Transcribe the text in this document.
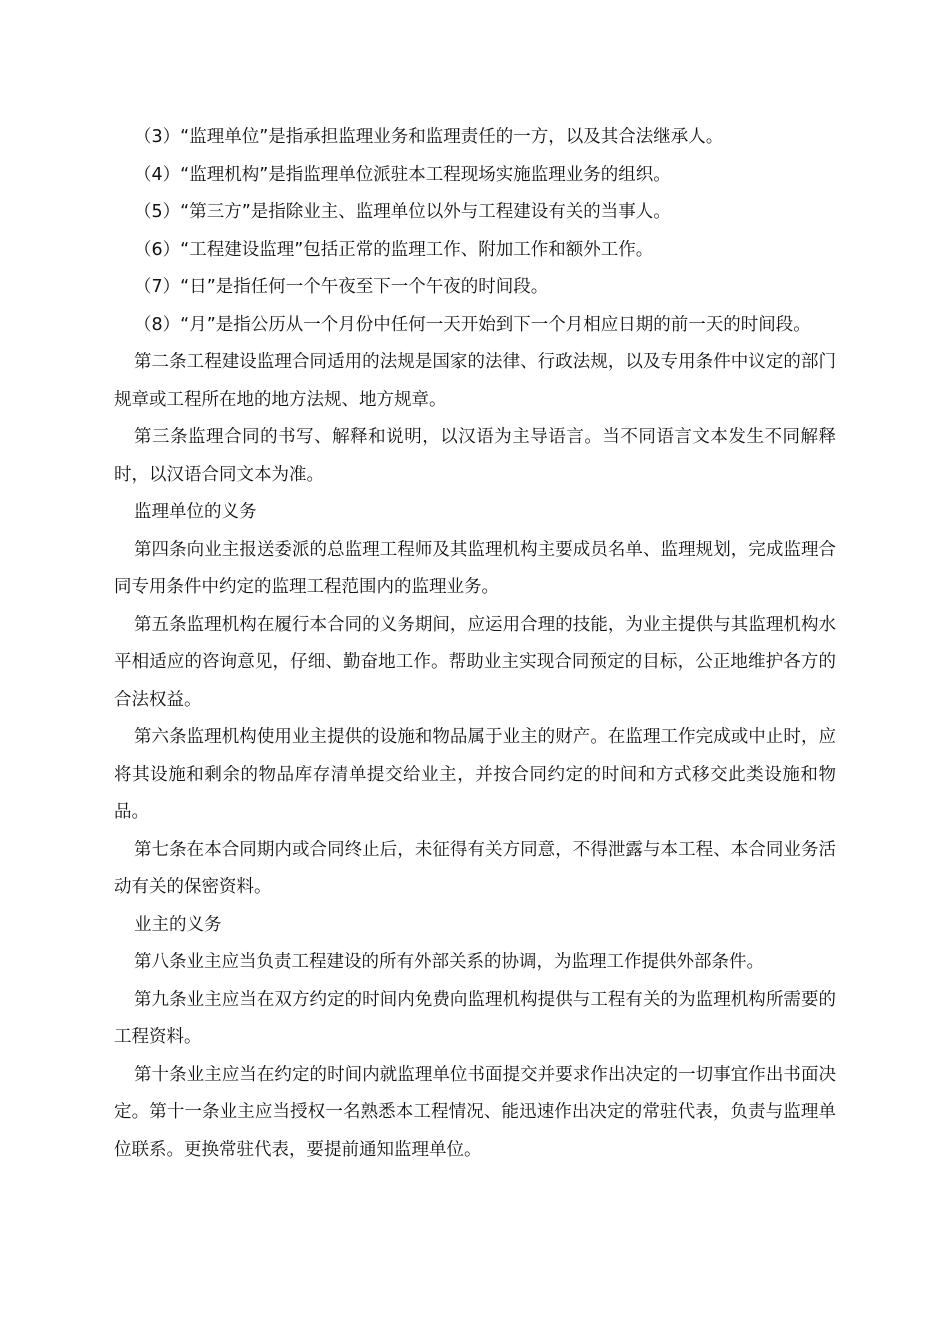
（3）“监理单位”是指承担监理业务和监理责任的一方，以及其合法继承人。

（4）“监理机构”是指监理单位派驻本工程现场实施监理业务的组织。

（5）“第三方”是指除业主、监理单位以外与工程建设有关的当事人。

（6）“工程建设监理”包括正常的监理工作、附加工作和额外工作。

（7）“日”是指任何一个午夜至下一个午夜的时间段。

（8）“月”是指公历从一个月份中任何一天开始到下一个月相应日期的前一天的时间段。

第二条工程建设监理合同适用的法规是国家的法律、行政法规，以及专用条件中议定的部门规章或工程所在地的地方法规、地方规章。

第三条监理合同的书写、解释和说明，以汉语为主导语言。当不同语言文本发生不同解释时，以汉语合同文本为准。

监理单位的义务

第四条向业主报送委派的总监理工程师及其监理机构主要成员名单、监理规划，完成监理合同专用条件中约定的监理工程范围内的监理业务。

第五条监理机构在履行本合同的义务期间，应运用合理的技能，为业主提供与其监理机构水平相适应的咨询意见，仔细、勤奋地工作。帮助业主实现合同预定的目标，公正地维护各方的合法权益。

第六条监理机构使用业主提供的设施和物品属于业主的财产。在监理工作完成或中止时，应将其设施和剩余的物品库存清单提交给业主，并按合同约定的时间和方式移交此类设施和物品。

第七条在本合同期内或合同终止后，未征得有关方同意，不得泄露与本工程、本合同业务活动有关的保密资料。

业主的义务

第八条业主应当负责工程建设的所有外部关系的协调，为监理工作提供外部条件。

第九条业主应当在双方约定的时间内免费向监理机构提供与工程有关的为监理机构所需要的工程资料。

第十条业主应当在约定的时间内就监理单位书面提交并要求作出决定的一切事宜作出书面决定。第十一条业主应当授权一名熟悉本工程情况、能迅速作出决定的常驻代表，负责与监理单位联系。更换常驻代表，要提前通知监理单位。
